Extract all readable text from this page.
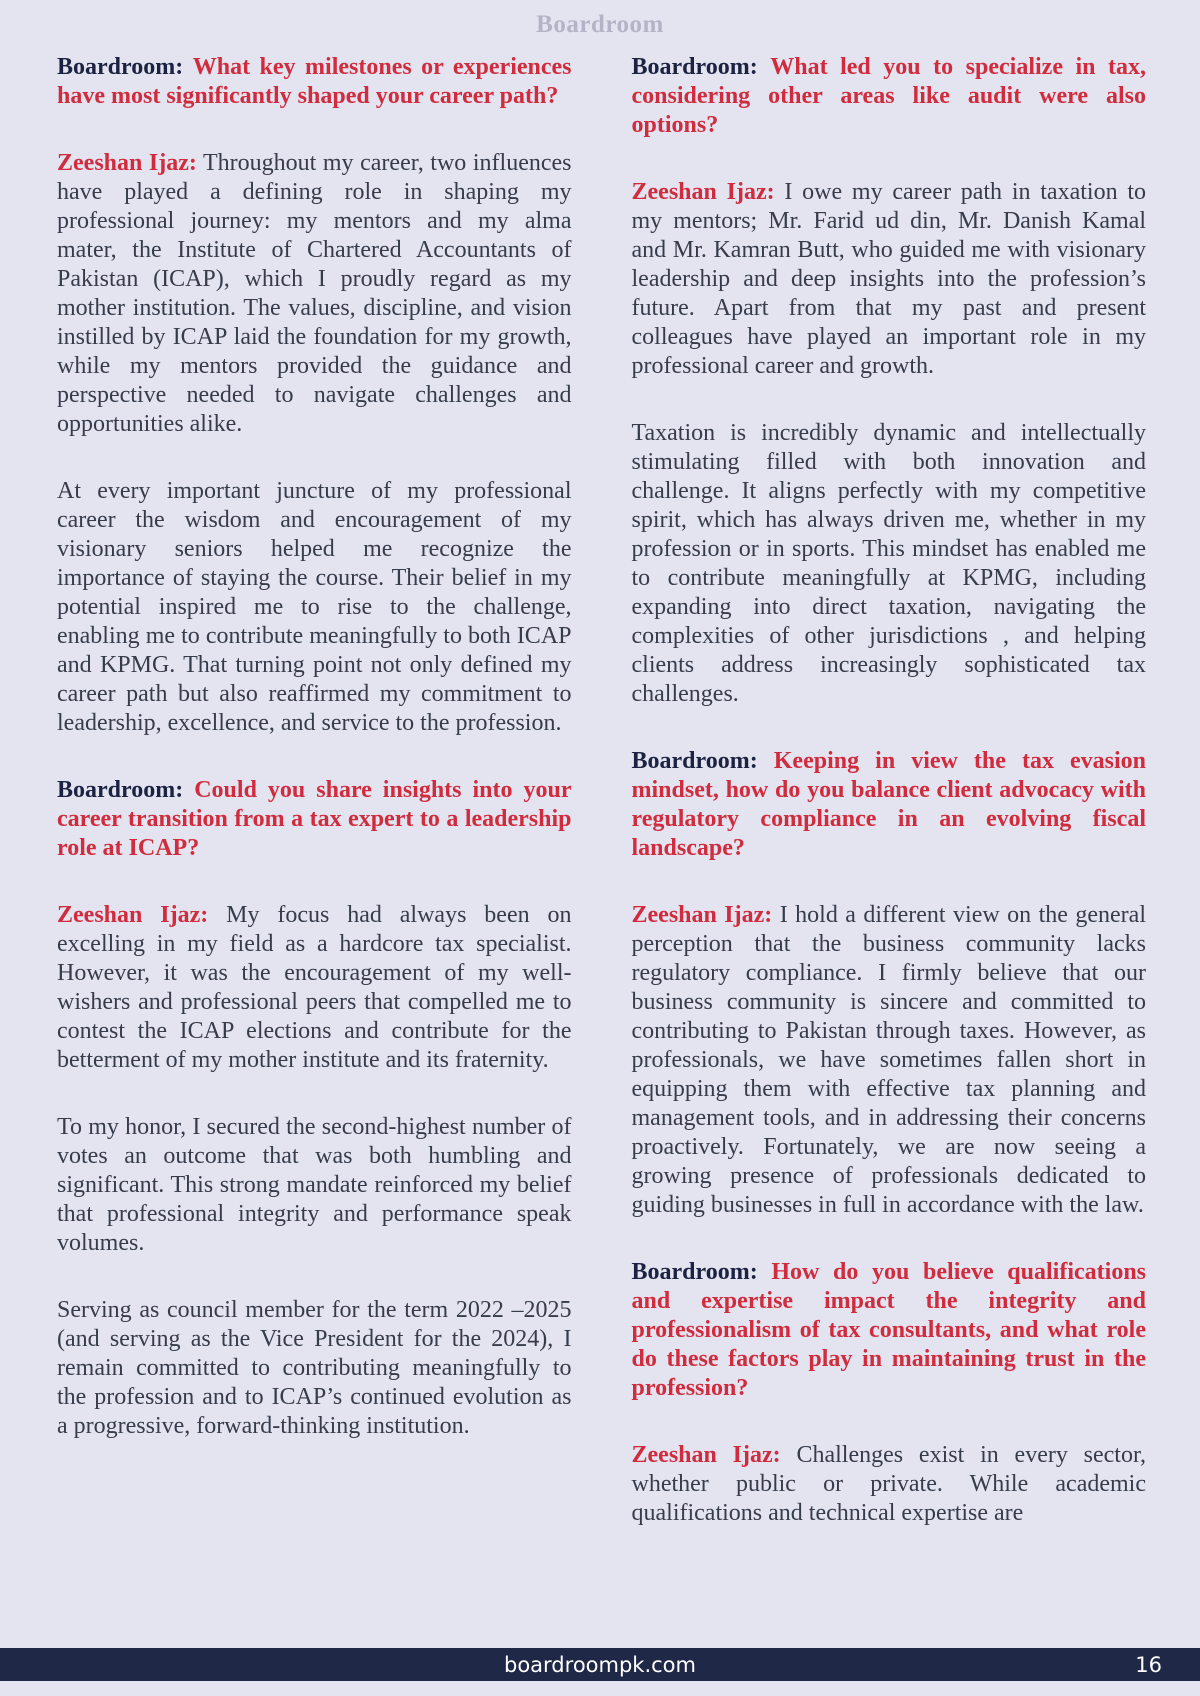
Boardroom
Boardroom: What key milestones or experiences have most significantly shaped your career path?
Zeeshan Ijaz: Throughout my career, two influences have played a defining role in shaping my professional journey: my mentors and my alma mater, the Institute of Chartered Accountants of Pakistan (ICAP), which I proudly regard as my mother institution. The values, discipline, and vision instilled by ICAP laid the foundation for my growth, while my mentors provided the guidance and perspective needed to navigate challenges and opportunities alike.
At every important juncture of my professional career the wisdom and encouragement of my visionary seniors helped me recognize the importance of staying the course. Their belief in my potential inspired me to rise to the challenge, enabling me to contribute meaningfully to both ICAP and KPMG. That turning point not only defined my career path but also reaffirmed my commitment to leadership, excellence, and service to the profession.
Boardroom: Could you share insights into your career transition from a tax expert to a leadership role at ICAP?
Zeeshan Ijaz: My focus had always been on excelling in my field as a hardcore tax specialist. However, it was the encouragement of my well-wishers and professional peers that compelled me to contest the ICAP elections and contribute for the betterment of my mother institute and its fraternity.
To my honor, I secured the second-highest number of votes an outcome that was both humbling and significant. This strong mandate reinforced my belief that professional integrity and performance speak volumes.
Serving as council member for the term 2022 –2025 (and serving as the Vice President for the 2024), I remain committed to contributing meaningfully to the profession and to ICAP’s continued evolution as a progressive, forward-thinking institution.
Boardroom: What led you to specialize in tax, considering other areas like audit were also options?
Zeeshan Ijaz: I owe my career path in taxation to my mentors; Mr. Farid ud din, Mr. Danish Kamal and Mr. Kamran Butt, who guided me with visionary leadership and deep insights into the profession’s future. Apart from that my past and present colleagues have played an important role in my professional career and growth.
Taxation is incredibly dynamic and intellectually stimulating filled with both innovation and challenge. It aligns perfectly with my competitive spirit, which has always driven me, whether in my profession or in sports. This mindset has enabled me to contribute meaningfully at KPMG, including expanding into direct taxation, navigating the complexities of other jurisdictions , and helping clients address increasingly sophisticated tax challenges.
Boardroom: Keeping in view the tax evasion mindset, how do you balance client advocacy with regulatory compliance in an evolving fiscal landscape?
Zeeshan Ijaz: I hold a different view on the general perception that the business community lacks regulatory compliance. I firmly believe that our business community is sincere and committed to contributing to Pakistan through taxes. However, as professionals, we have sometimes fallen short in equipping them with effective tax planning and management tools, and in addressing their concerns proactively. Fortunately, we are now seeing a growing presence of professionals dedicated to guiding businesses in full in accordance with the law.
Boardroom: How do you believe qualifications and expertise impact the integrity and professionalism of tax consultants, and what role do these factors play in maintaining trust in the profession?
Zeeshan Ijaz: Challenges exist in every sector, whether public or private. While academic qualifications and technical expertise are
boardroompk.com	16
